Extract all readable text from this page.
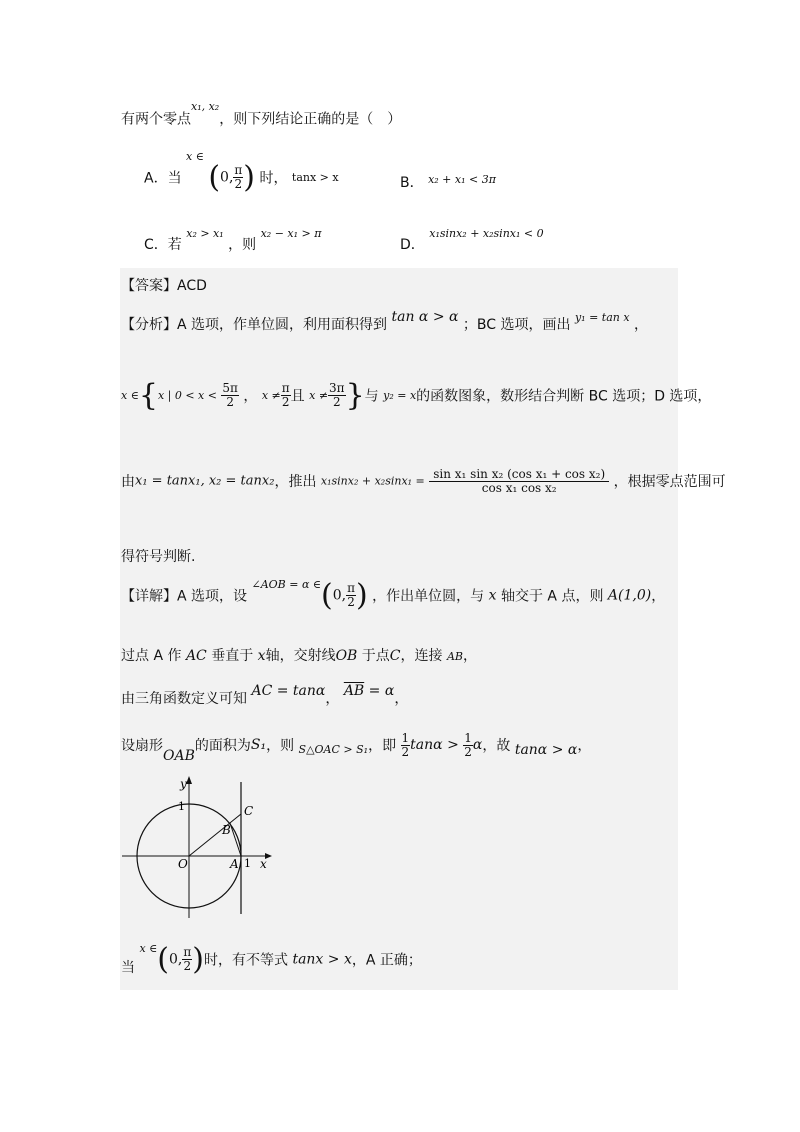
有两个零点$^{x_1, x_2}$，则下列结论正确的是（　）
A．当 $^{x \in}$ (0, $\frac{\pi}{2}$ ) 时， tanx > x	B． $^{x_2 + x_1 < 3\pi}$
C．若 x₂ > x₁ ，则 x₂ − x₁ > π
D． x₁sinx₂ + x₂sinx₁ < 0
【答案】ACD
【分析】A 选项，作单位圆，利用面积得到 tan α > α ；BC 选项，画出 $^{y_1 = tan x}$ ，
x ∈{x | $0 < x < \frac{5\pi}{2}$ ， $x \ne \frac{\pi}{2}$ 且 $x \ne \frac{3\pi}{2}$ }与 y₂ = x的函数图象，数形结合判断 BC 选项；D 选项，
由x₁ = tanx₁, x₂ = tanx₂，推出 $x_1\sin x_2 + x_2\sin x_1 = \frac{\text{sin x₁ sin x₂ (cos x₁ + cos x₂)}}{\text{cos x₁ cos x₂}}$ ，根据零点范围可
得符号判断.
【详解】A 选项，设 $^{\angle AOB = \alpha \in}$(0, $\frac{\pi}{2}$ ) ，作出单位圆，与 x 轴交于 A 点，则 A(1,0)，
过点 A 作 AC 垂直于 x轴，交射线OB 于点C，连接 AB，
由三角函数定义可知 AC = tanα， $\overline{AB} = \alpha$，
设扇形OAB的面积为S₁，则 $_{S\triangle OAC > S_1}$，即 $\frac{1}{2}$ $\tan\alpha > \frac{1}{2}$ α，故 tanα > α，
y
x
1
1
O	A
B
C
当 $^{x \in}$(0, $\frac{\pi}{2}$ )时，有不等式 tanx > x，A 正确；
